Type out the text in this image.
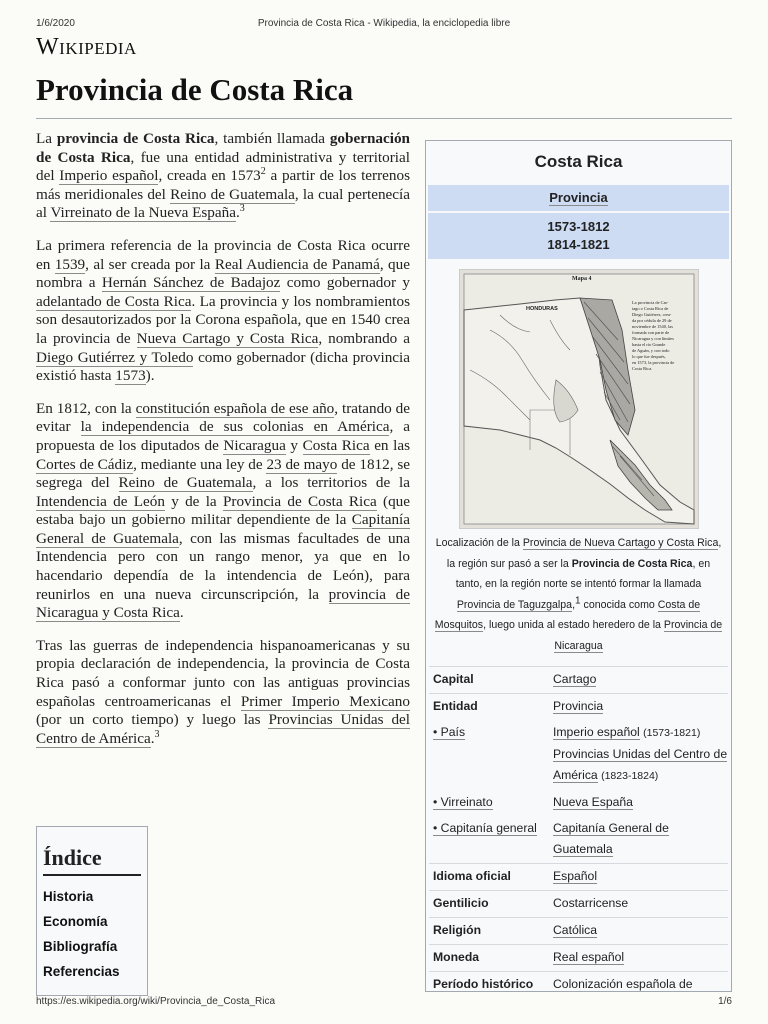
1/6/2020	Provincia de Costa Rica - Wikipedia, la enciclopedia libre
Wikipedia
Provincia de Costa Rica

La provincia de Costa Rica, también llamada gobernación de Costa Rica, fue una entidad administrativa y territorial del Imperio español, creada en 1573$^2$ a partir de los terrenos más meridionales del Reino de Guatemala, la cual pertenecía al Virreinato de la Nueva España.$^3$

La primera referencia de la provincia de Costa Rica ocurre en 1539, al ser creada por la Real Audiencia de Panamá, que nombra a Hernán Sánchez de Badajoz como gobernador y adelantado de Costa Rica. La provincia y los nombramientos son desautorizados por la Corona española, que en 1540 crea la provincia de Nueva Cartago y Costa Rica, nombrando a Diego Gutiérrez y Toledo como gobernador (dicha provincia existió hasta 1573).

En 1812, con la constitución española de ese año, tratando de evitar la independencia de sus colonias en América, a propuesta de los diputados de Nicaragua y Costa Rica en las Cortes de Cádiz, mediante una ley de 23 de mayo de 1812, se segrega del Reino de Guatemala, a los territorios de la Intendencia de León y de la Provincia de Costa Rica (que estaba bajo un gobierno militar dependiente de la Capitanía General de Guatemala, con las mismas facultades de una Intendencia pero con un rango menor, ya que en lo hacendario dependía de la intendencia de León), para reunirlos en una nueva circunscripción, la provincia de Nicaragua y Costa Rica.

Tras las guerras de independencia hispanoamericanas y su propia declaración de independencia, la provincia de Costa Rica pasó a conformar junto con las antiguas provincias españolas centroamericanas el Primer Imperio Mexicano (por un corto tiempo) y luego las Provincias Unidas del Centro de América.$^3$

Índice
Historia
Economía
Bibliografía
Referencias
Costa Rica
Provincia
1573-1812
1814-1821
Mapa 4
HONDURAS
La provincia de Car-
tago o Costa Rica de
Diego Gutiérrez, crea-
da por cédula de 29 de
noviembre de 1540, las
formada con parte de
Nicaragua y con límites
hasta el río Grande
de Aguán, y con todo
lo que fue después,
en 1573, la provincia de
Costa Rica.
Localización de la Provincia de Nueva Cartago y Costa Rica, la región sur pasó a ser la Provincia de Costa Rica, en tanto, en la región norte se intentó formar la llamada Provincia de Taguzgalpa,$^1$ conocida como Costa de Mosquitos, luego unida al estado heredero de la Provincia de Nicaragua
Capital	Cartago
Entidad	Provincia
• País	Imperio español (1573-1821)
Provincias Unidas del Centro de América (1823-1824)
• Virreinato	Nueva España
• Capitanía general	Capitanía General de Guatemala
Idioma oficial	Español
Gentilicio	Costarricense
Religión	Católica
Moneda	Real español
Período histórico	Colonización española de
https://es.wikipedia.org/wiki/Provincia_de_Costa_Rica	1/6
